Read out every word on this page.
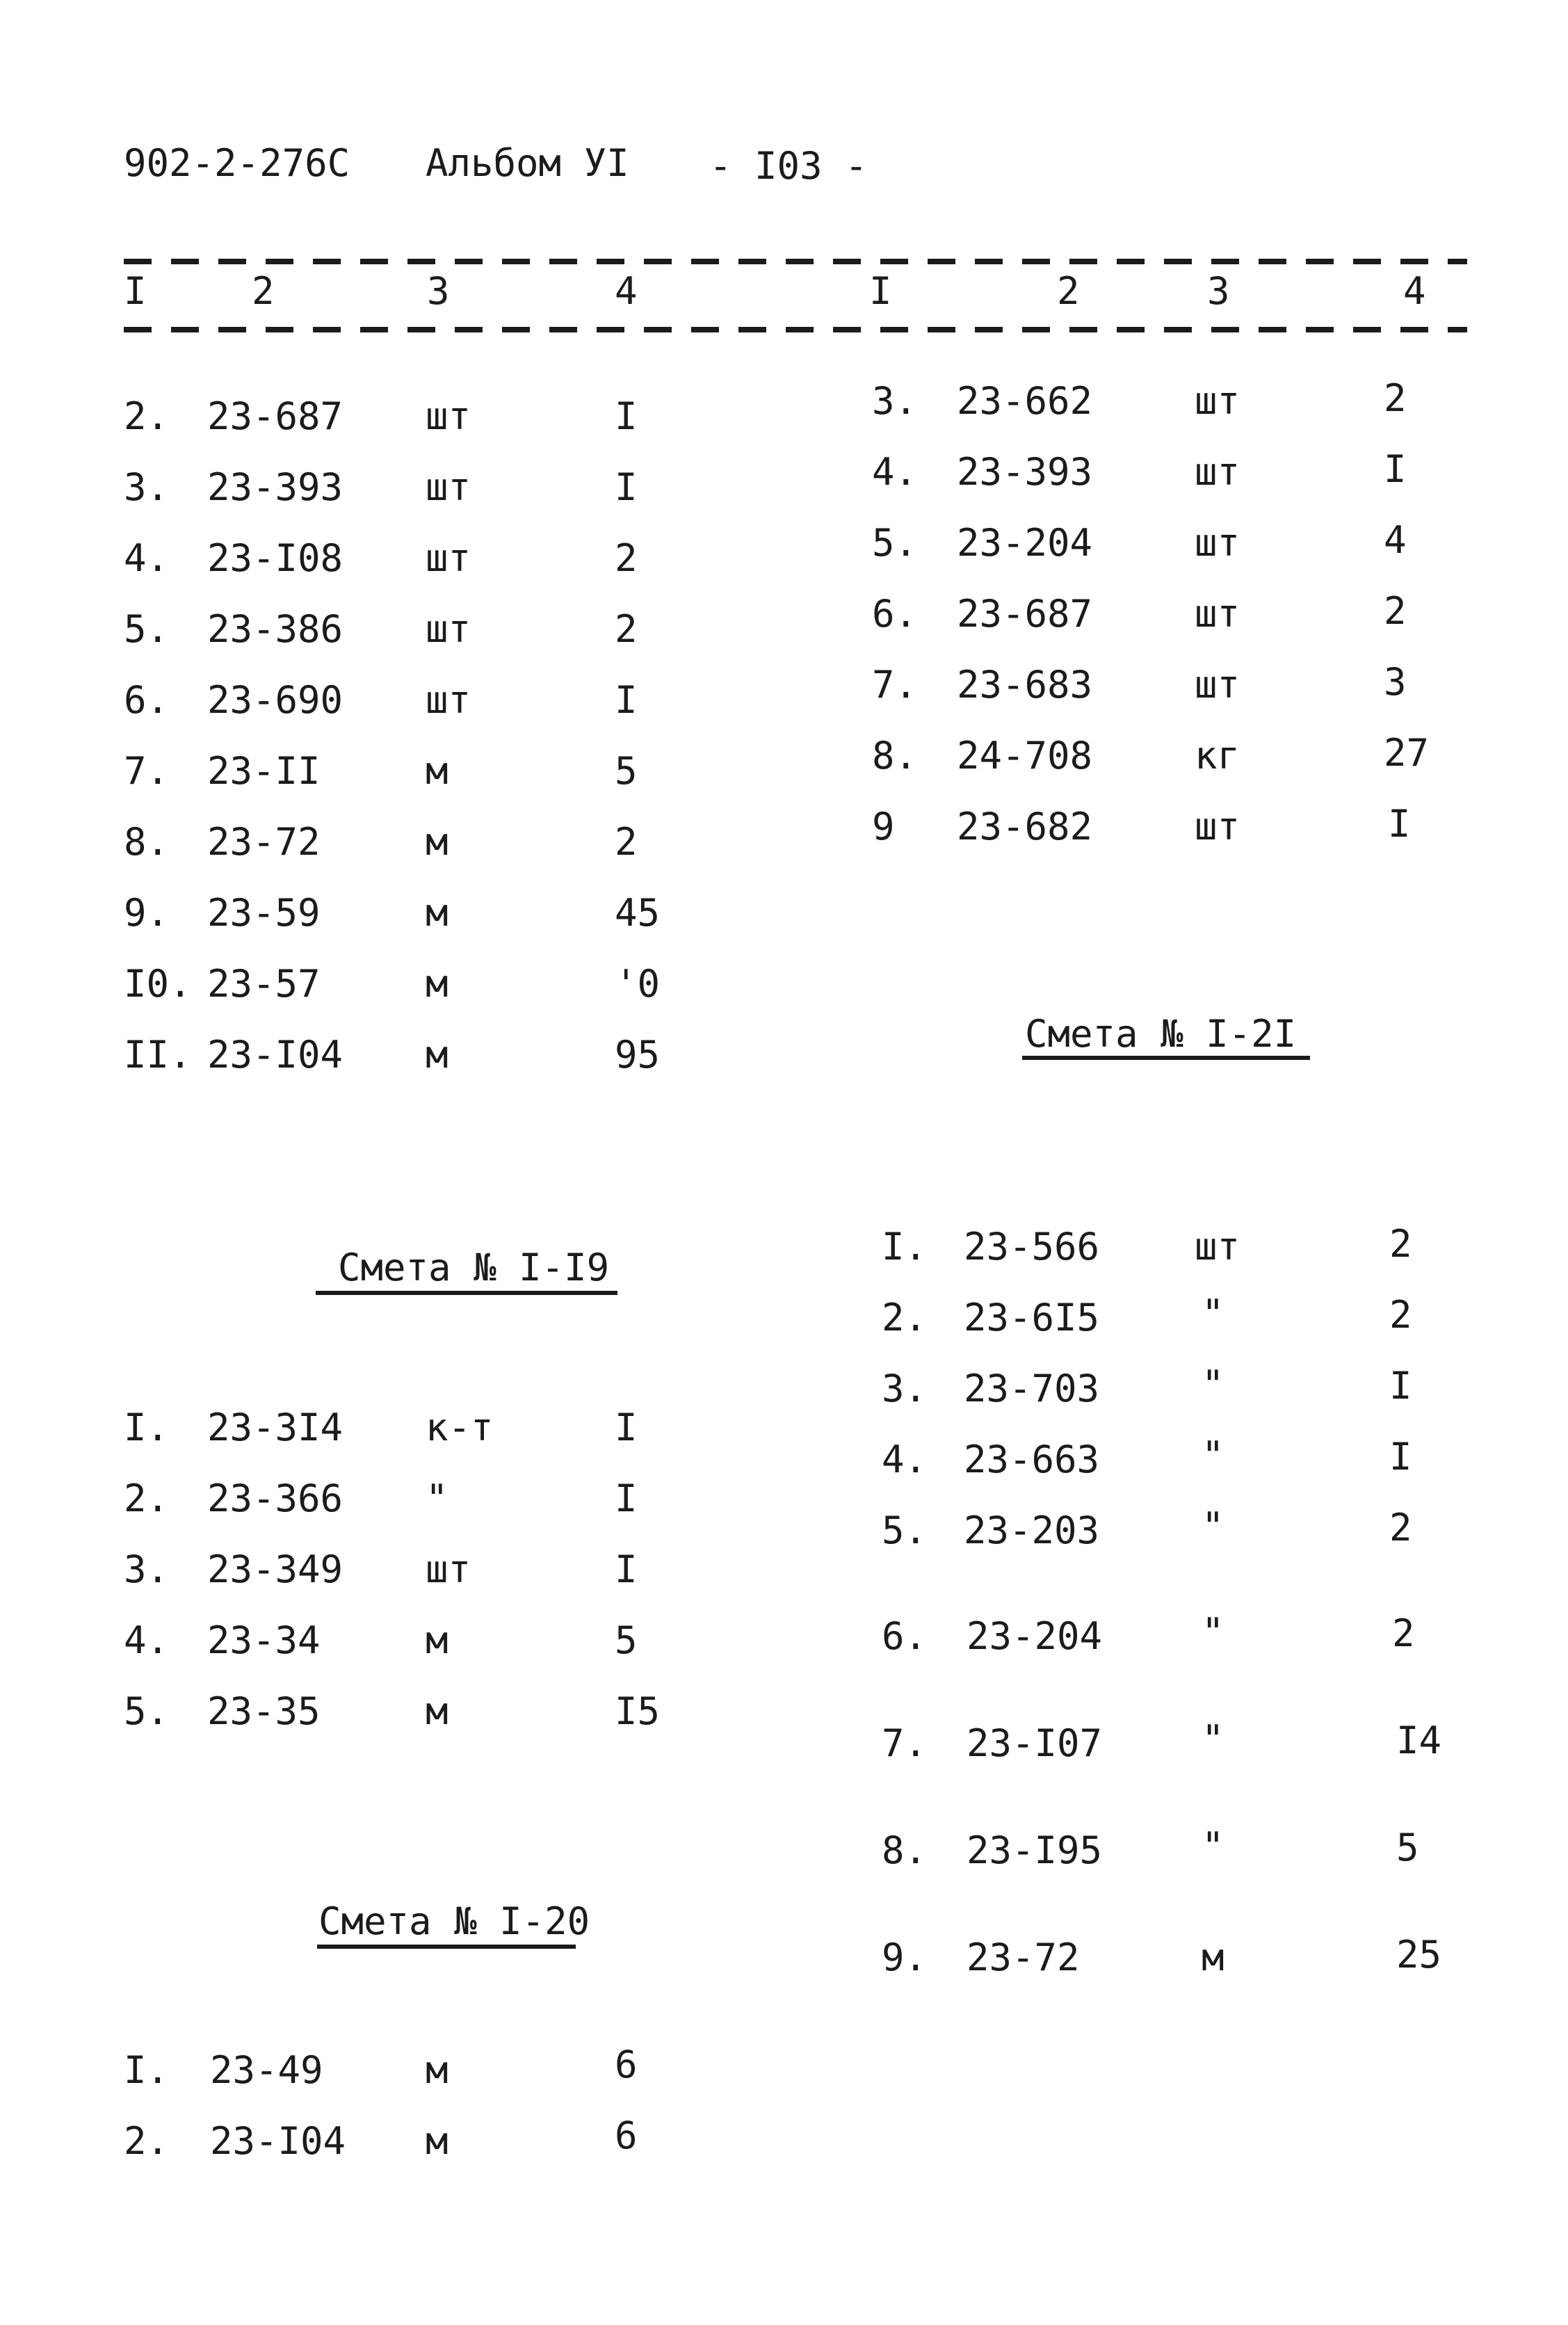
902-2-276С Альбом УI - I03 -
I	2	3	4	I	2	3	4
2. 23-687 шт	I
3. 23-393 шт	I
4. 23-I08 шт	2
5. 23-386 шт	2
6. 23-690 шт	I
7. 23-II	м	5
8. 23-72	м	2
9. 23-59	м	45
I0. 23-57	м	'0
II. 23-I04 м	95
Смета № I-I9
I. 23-3I4 к-т	I
2. 23-366 "	I
3. 23-349 шт	I
4. 23-34	м	5
5. 23-35	м	I5
Смета № I-20
I. 23-49	м	6
2. 23-I04 м	6
3. 23-662	шт	2
4. 23-393	шт	I
5. 23-204	шт	4
6. 23-687	шт	2
7. 23-683	шт	3
8. 24-708	кг	27
9 23-682	шт	I
Смета № I-2I
I. 23-566	шт	2
2. 23-6I5	"	2
3. 23-703	"	I
4. 23-663	"	I
5. 23-203	"	2
6. 23-204	"	2
7. 23-I07	"	I4
8. 23-I95	"	5
9. 23-72	м	25
